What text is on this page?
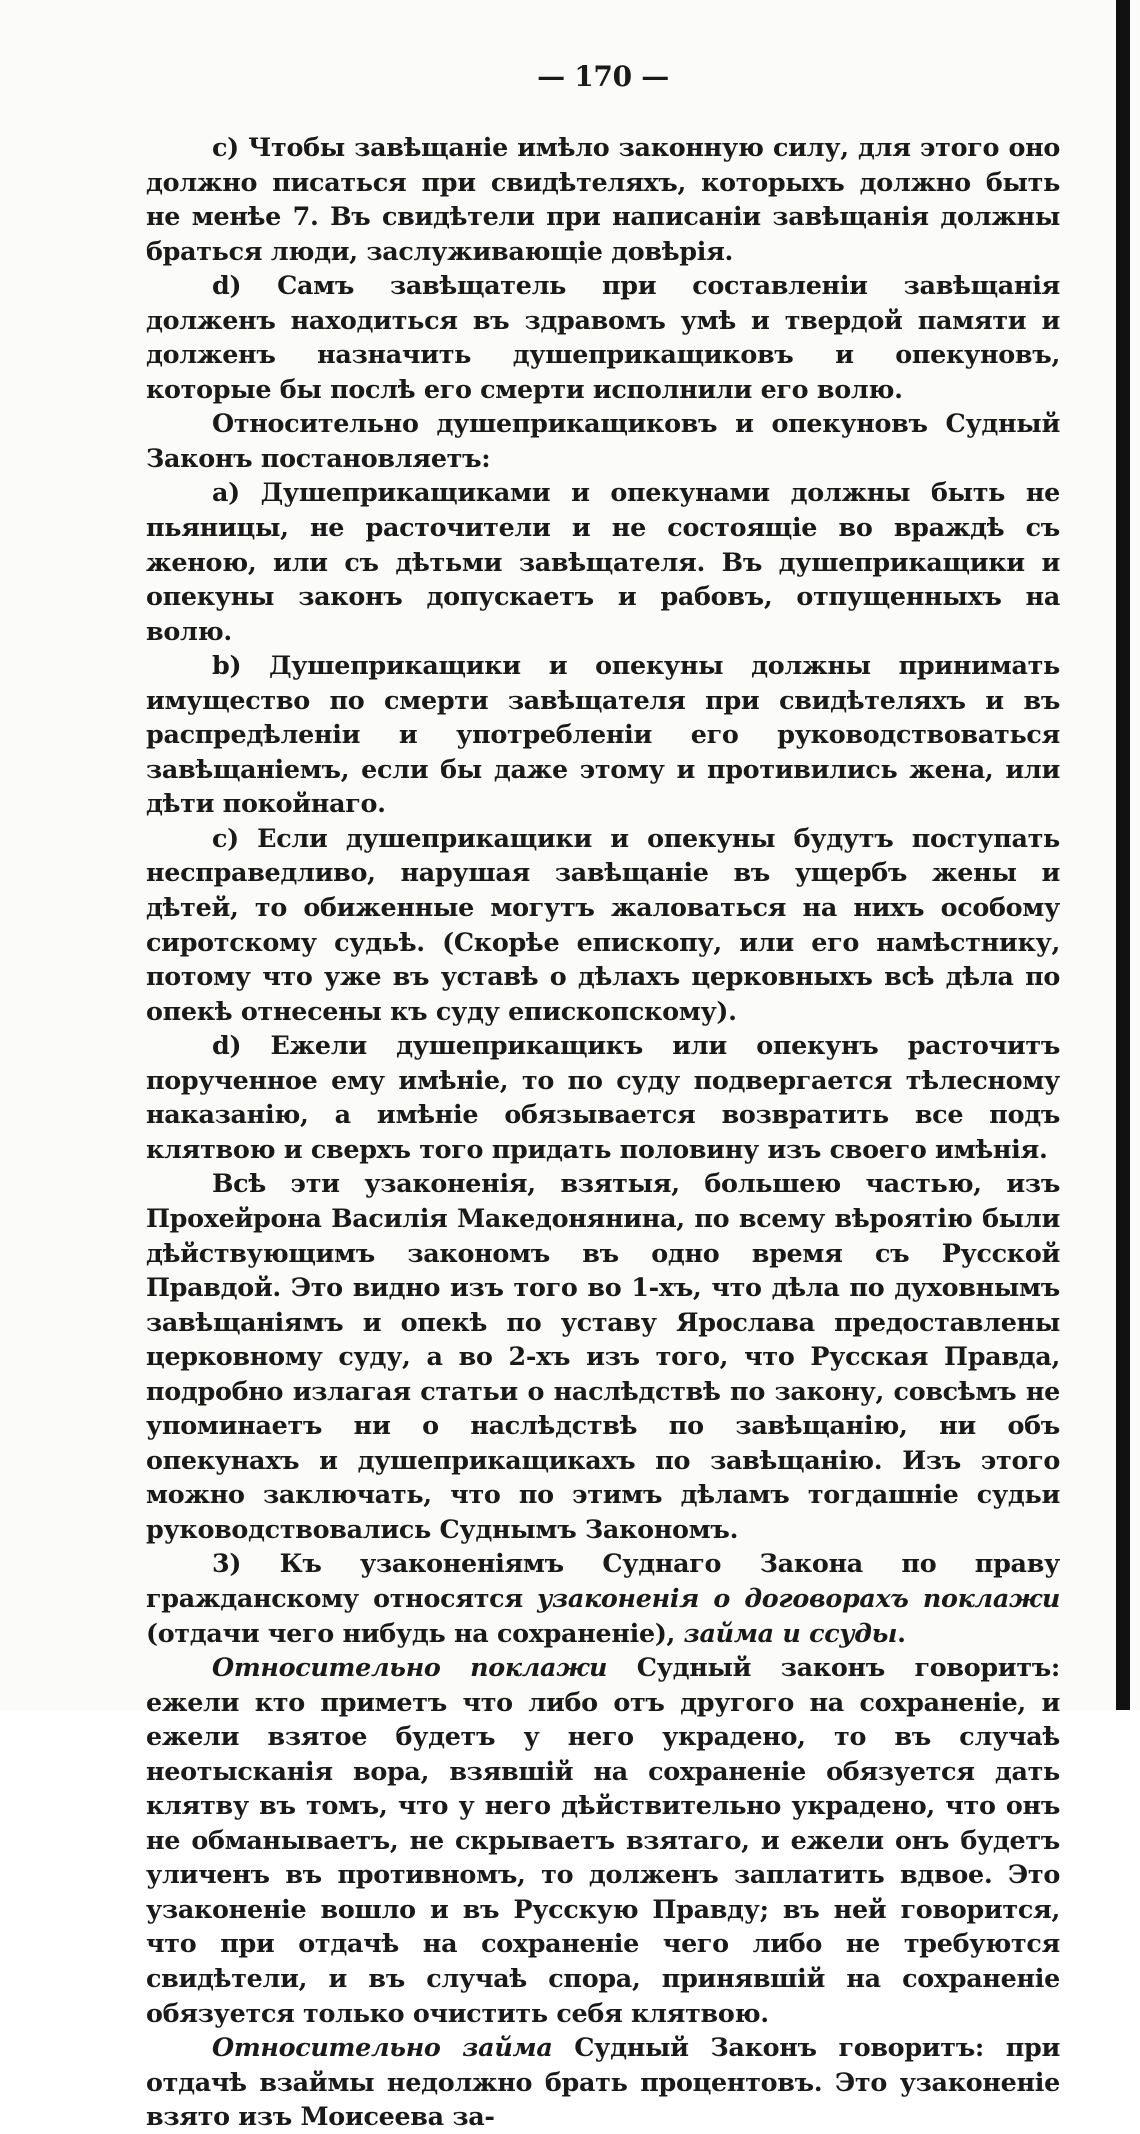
— 170 —

c) Чтобы завѣщаніе имѣло законную силу, для этого оно должно писаться при свидѣтеляхъ, которыхъ должно быть не менѣе 7. Въ свидѣтели при написаніи завѣщанія должны браться люди, заслуживающіе довѣрія.

d) Самъ завѣщатель при составленіи завѣщанія долженъ находиться въ здравомъ умѣ и твердой памяти и долженъ назначить душеприкащиковъ и опекуновъ, которые бы послѣ его смерти исполнили его волю.

Относительно душеприкащиковъ и опекуновъ Судный Законъ постановляетъ:

a) Душеприкащиками и опекунами должны быть не пьяницы, не расточители и не состоящіе во враждѣ съ женою, или съ дѣтьми завѣщателя. Въ душеприкащики и опекуны законъ допускаетъ и рабовъ, отпущенныхъ на волю.

b) Душеприкащики и опекуны должны принимать имущество по смерти завѣщателя при свидѣтеляхъ и въ распредѣленіи и употребленіи его руководствоваться завѣщаніемъ, если бы даже этому и противились жена, или дѣти покойнаго.

c) Если душеприкащики и опекуны будутъ поступать несправедливо, нарушая завѣщаніе въ ущербъ жены и дѣтей, то обиженные могутъ жаловаться на нихъ особому сиротскому судьѣ. (Скорѣе епископу, или его намѣстнику, потому что уже въ уставѣ о дѣлахъ церковныхъ всѣ дѣла по опекѣ отнесены къ суду епископскому).

d) Ежели душеприкащикъ или опекунъ расточитъ порученное ему имѣніе, то по суду подвергается тѣлесному наказанію, а имѣніе обязывается возвратить все подъ клятвою и сверхъ того придать половину изъ своего имѣнія.

Всѣ эти узаконенія, взятыя, большею частью, изъ Прохейрона Василія Македонянина, по всему вѣроятію были дѣйствующимъ закономъ въ одно время съ Русской Правдой. Это видно изъ того во 1-хъ, что дѣла по духовнымъ завѣщаніямъ и опекѣ по уставу Ярослава предоставлены церковному суду, а во 2-хъ изъ того, что Русская Правда, подробно излагая статьи о наслѣдствѣ по закону, совсѣмъ не упоминаетъ ни о наслѣдствѣ по завѣщанію, ни объ опекунахъ и душеприкащикахъ по завѣщанію. Изъ этого можно заключать, что по этимъ дѣламъ тогдашніе судьи руководствовались Суднымъ Закономъ.

3) Къ узаконеніямъ Суднаго Закона по праву гражданскому относятся узаконенія о договорахъ поклажи (отдачи чего нибудь на сохраненіе), займа и ссуды.

Относительно поклажи Судный законъ говоритъ: ежели кто приметъ что либо отъ другого на сохраненіе, и ежели взятое будетъ у него украдено, то въ случаѣ неотысканія вора, взявшій на сохраненіе обязуется дать клятву въ томъ, что у него дѣйствительно украдено, что онъ не обманываетъ, не скрываетъ взятаго, и ежели онъ будетъ уличенъ въ противномъ, то долженъ заплатить вдвое. Это узаконеніе вошло и въ Русскую Правду; въ ней говорится, что при отдачѣ на сохраненіе чего либо не требуются свидѣтели, и въ случаѣ спора, принявшій на сохраненіе обязуется только очистить себя клятвою.

Относительно займа Судный Законъ говоритъ: при отдачѣ взаймы недолжно брать процентовъ. Это узаконеніе взято изъ Моисеева за-
